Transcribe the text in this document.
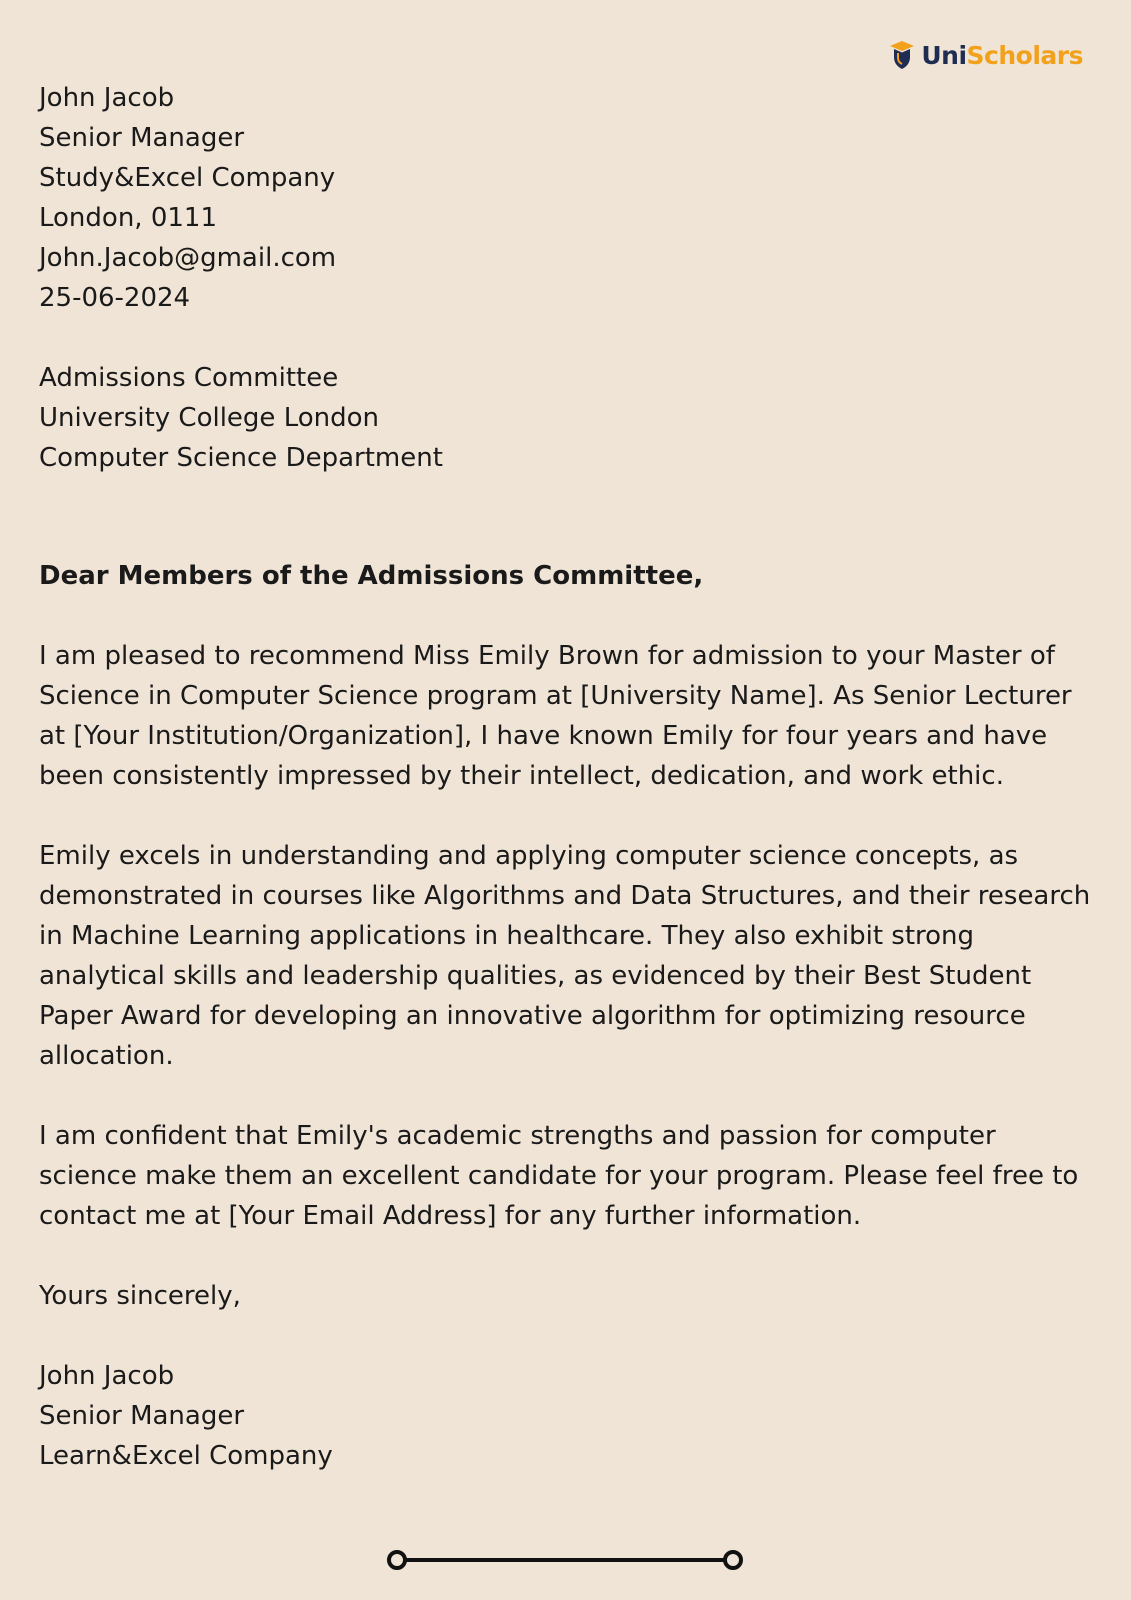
UniScholars
John Jacob
Senior Manager
Study&Excel Company
London, 0111
John.Jacob@gmail.com
25-06-2024
Admissions Committee
University College London
Computer Science Department
Dear Members of the Admissions Committee,

I am pleased to recommend Miss Emily Brown for admission to your Master of Science in Computer Science program at [University Name]. As Senior Lecturer at [Your Institution/Organization], I have known Emily for four years and have been consistently impressed by their intellect, dedication, and work ethic.

Emily excels in understanding and applying computer science concepts, as demonstrated in courses like Algorithms and Data Structures, and their research in Machine Learning applications in healthcare. They also exhibit strong analytical skills and leadership qualities, as evidenced by their Best Student Paper Award for developing an innovative algorithm for optimizing resource allocation.

I am confident that Emily's academic strengths and passion for computer science make them an excellent candidate for your program. Please feel free to contact me at [Your Email Address] for any further information.

Yours sincerely,
John Jacob
Senior Manager
Learn&Excel Company
